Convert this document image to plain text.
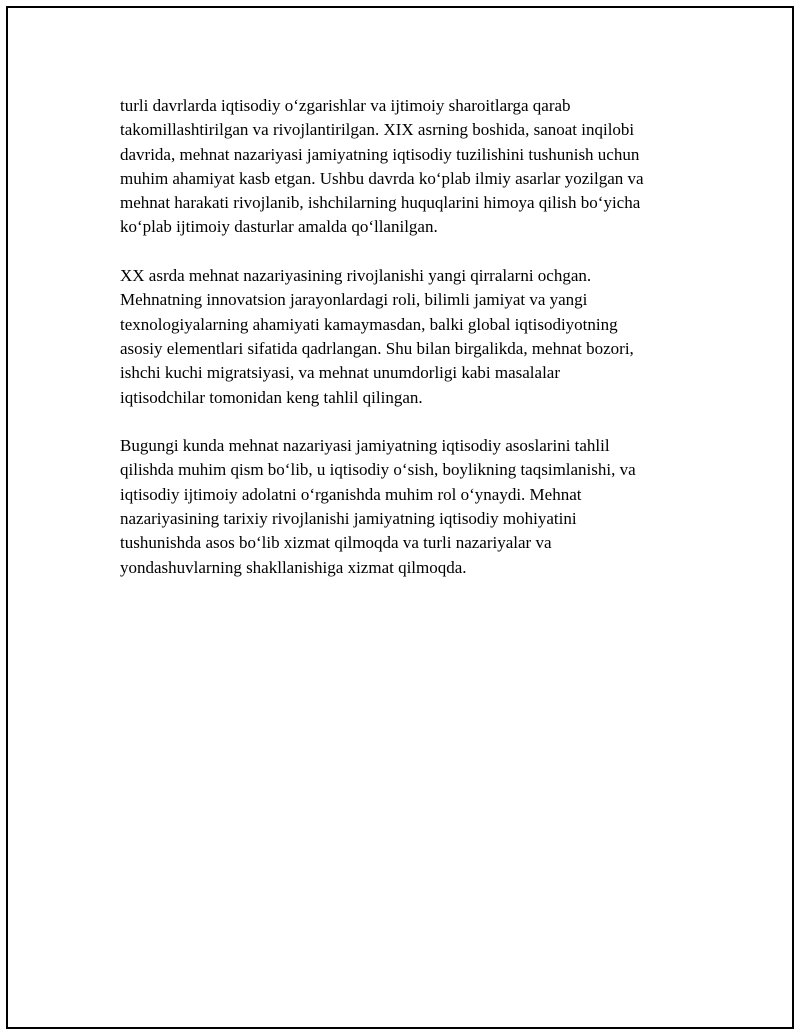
turli davrlarda iqtisodiy o‘zgarishlar va ijtimoiy sharoitlarga qarab
takomillashtirilgan va rivojlantirilgan. XIX asrning boshida, sanoat inqilobi
davrida, mehnat nazariyasi jamiyatning iqtisodiy tuzilishini tushunish uchun
muhim ahamiyat kasb etgan. Ushbu davrda ko‘plab ilmiy asarlar yozilgan va
mehnat harakati rivojlanib, ishchilarning huquqlarini himoya qilish bo‘yicha
ko‘plab ijtimoiy dasturlar amalda qo‘llanilgan.

XX asrda mehnat nazariyasining rivojlanishi yangi qirralarni ochgan.
Mehnatning innovatsion jarayonlardagi roli, bilimli jamiyat va yangi
texnologiyalarning ahamiyati kamaymasdan, balki global iqtisodiyotning
asosiy elementlari sifatida qadrlangan. Shu bilan birgalikda, mehnat bozori,
ishchi kuchi migratsiyasi, va mehnat unumdorligi kabi masalalar
iqtisodchilar tomonidan keng tahlil qilingan.

Bugungi kunda mehnat nazariyasi jamiyatning iqtisodiy asoslarini tahlil
qilishda muhim qism bo‘lib, u iqtisodiy o‘sish, boylikning taqsimlanishi, va
iqtisodiy ijtimoiy adolatni o‘rganishda muhim rol o‘ynaydi. Mehnat
nazariyasining tarixiy rivojlanishi jamiyatning iqtisodiy mohiyatini
tushunishda asos bo‘lib xizmat qilmoqda va turli nazariyalar va
yondashuvlarning shakllanishiga xizmat qilmoqda.
